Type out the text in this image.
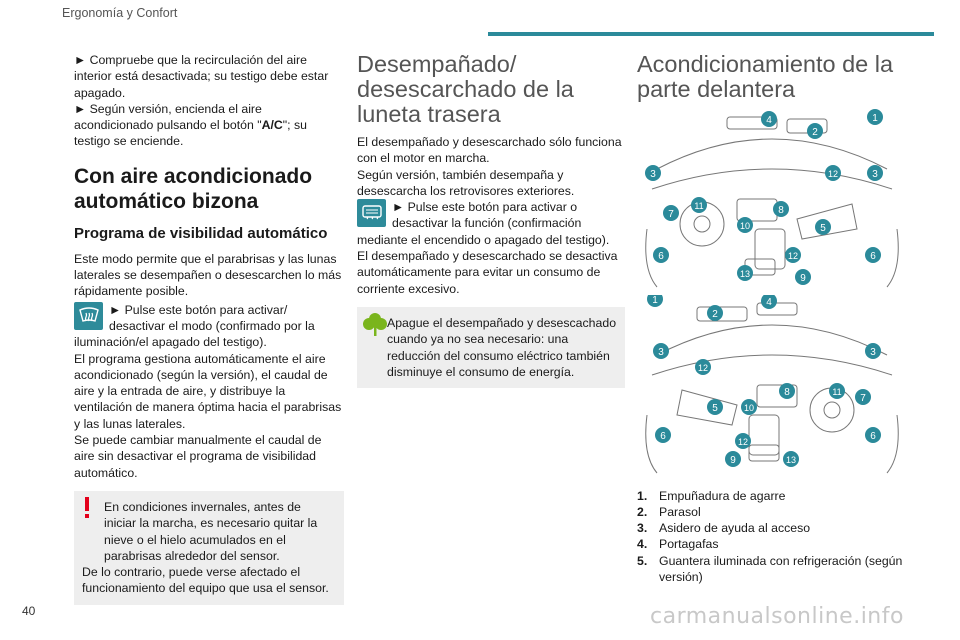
Ergonomía y Confort

► Compruebe que la recirculación del aire interior está desactivada; su testigo debe estar apagado.

► Según versión, encienda el aire acondicionado pulsando el botón "A/C"; su testigo se enciende.

Con aire acondicionado automático bizona
Programa de visibilidad automático

Este modo permite que el parabrisas y las lunas laterales se desempañen o desescarchen lo más rápidamente posible.

► Pulse este botón para activar/ desactivar el modo (confirmado por la

iluminación/el apagado del testigo).

El programa gestiona automáticamente el aire acondicionado (según la versión), el caudal de aire y la entrada de aire, y distribuye la ventilación de manera óptima hacia el parabrisas y las lunas laterales.

Se puede cambiar manualmente el caudal de aire sin desactivar el programa de visibilidad automático.

En condiciones invernales, antes de iniciar la marcha, es necesario quitar la nieve o el hielo acumulados en el parabrisas alrededor del sensor.

De lo contrario, puede verse afectado el funcionamiento del equipo que usa el sensor.

Desempañado/ desescarchado de la luneta trasera

El desempañado y desescarchado sólo funciona con el motor en marcha.

Según versión, también desempaña y desescarcha los retrovisores exteriores.

► Pulse este botón para activar o desactivar la función (confirmación

mediante el encendido o apagado del testigo).

El desempañado y desescarchado se desactiva automáticamente para evitar un consumo de corriente excesivo.

Apague el desempañado y desescachado cuando ya no sea necesario: una reducción del consumo eléctrico también disminuye el consumo de energía.

Acondicionamiento de la parte delantera
1
2
3	3
4
5
6	6
7	8
9
10
11
12
12
13

1
2
3	3
4
5
6	6
7
8
9
10
11
12
12
13
1. Empuñadura de agarre
2. Parasol
3. Asidero de ayuda al acceso
4. Portagafas
5. Guantera iluminada con refrigeración (según versión)
40	carmanualsonline.info
